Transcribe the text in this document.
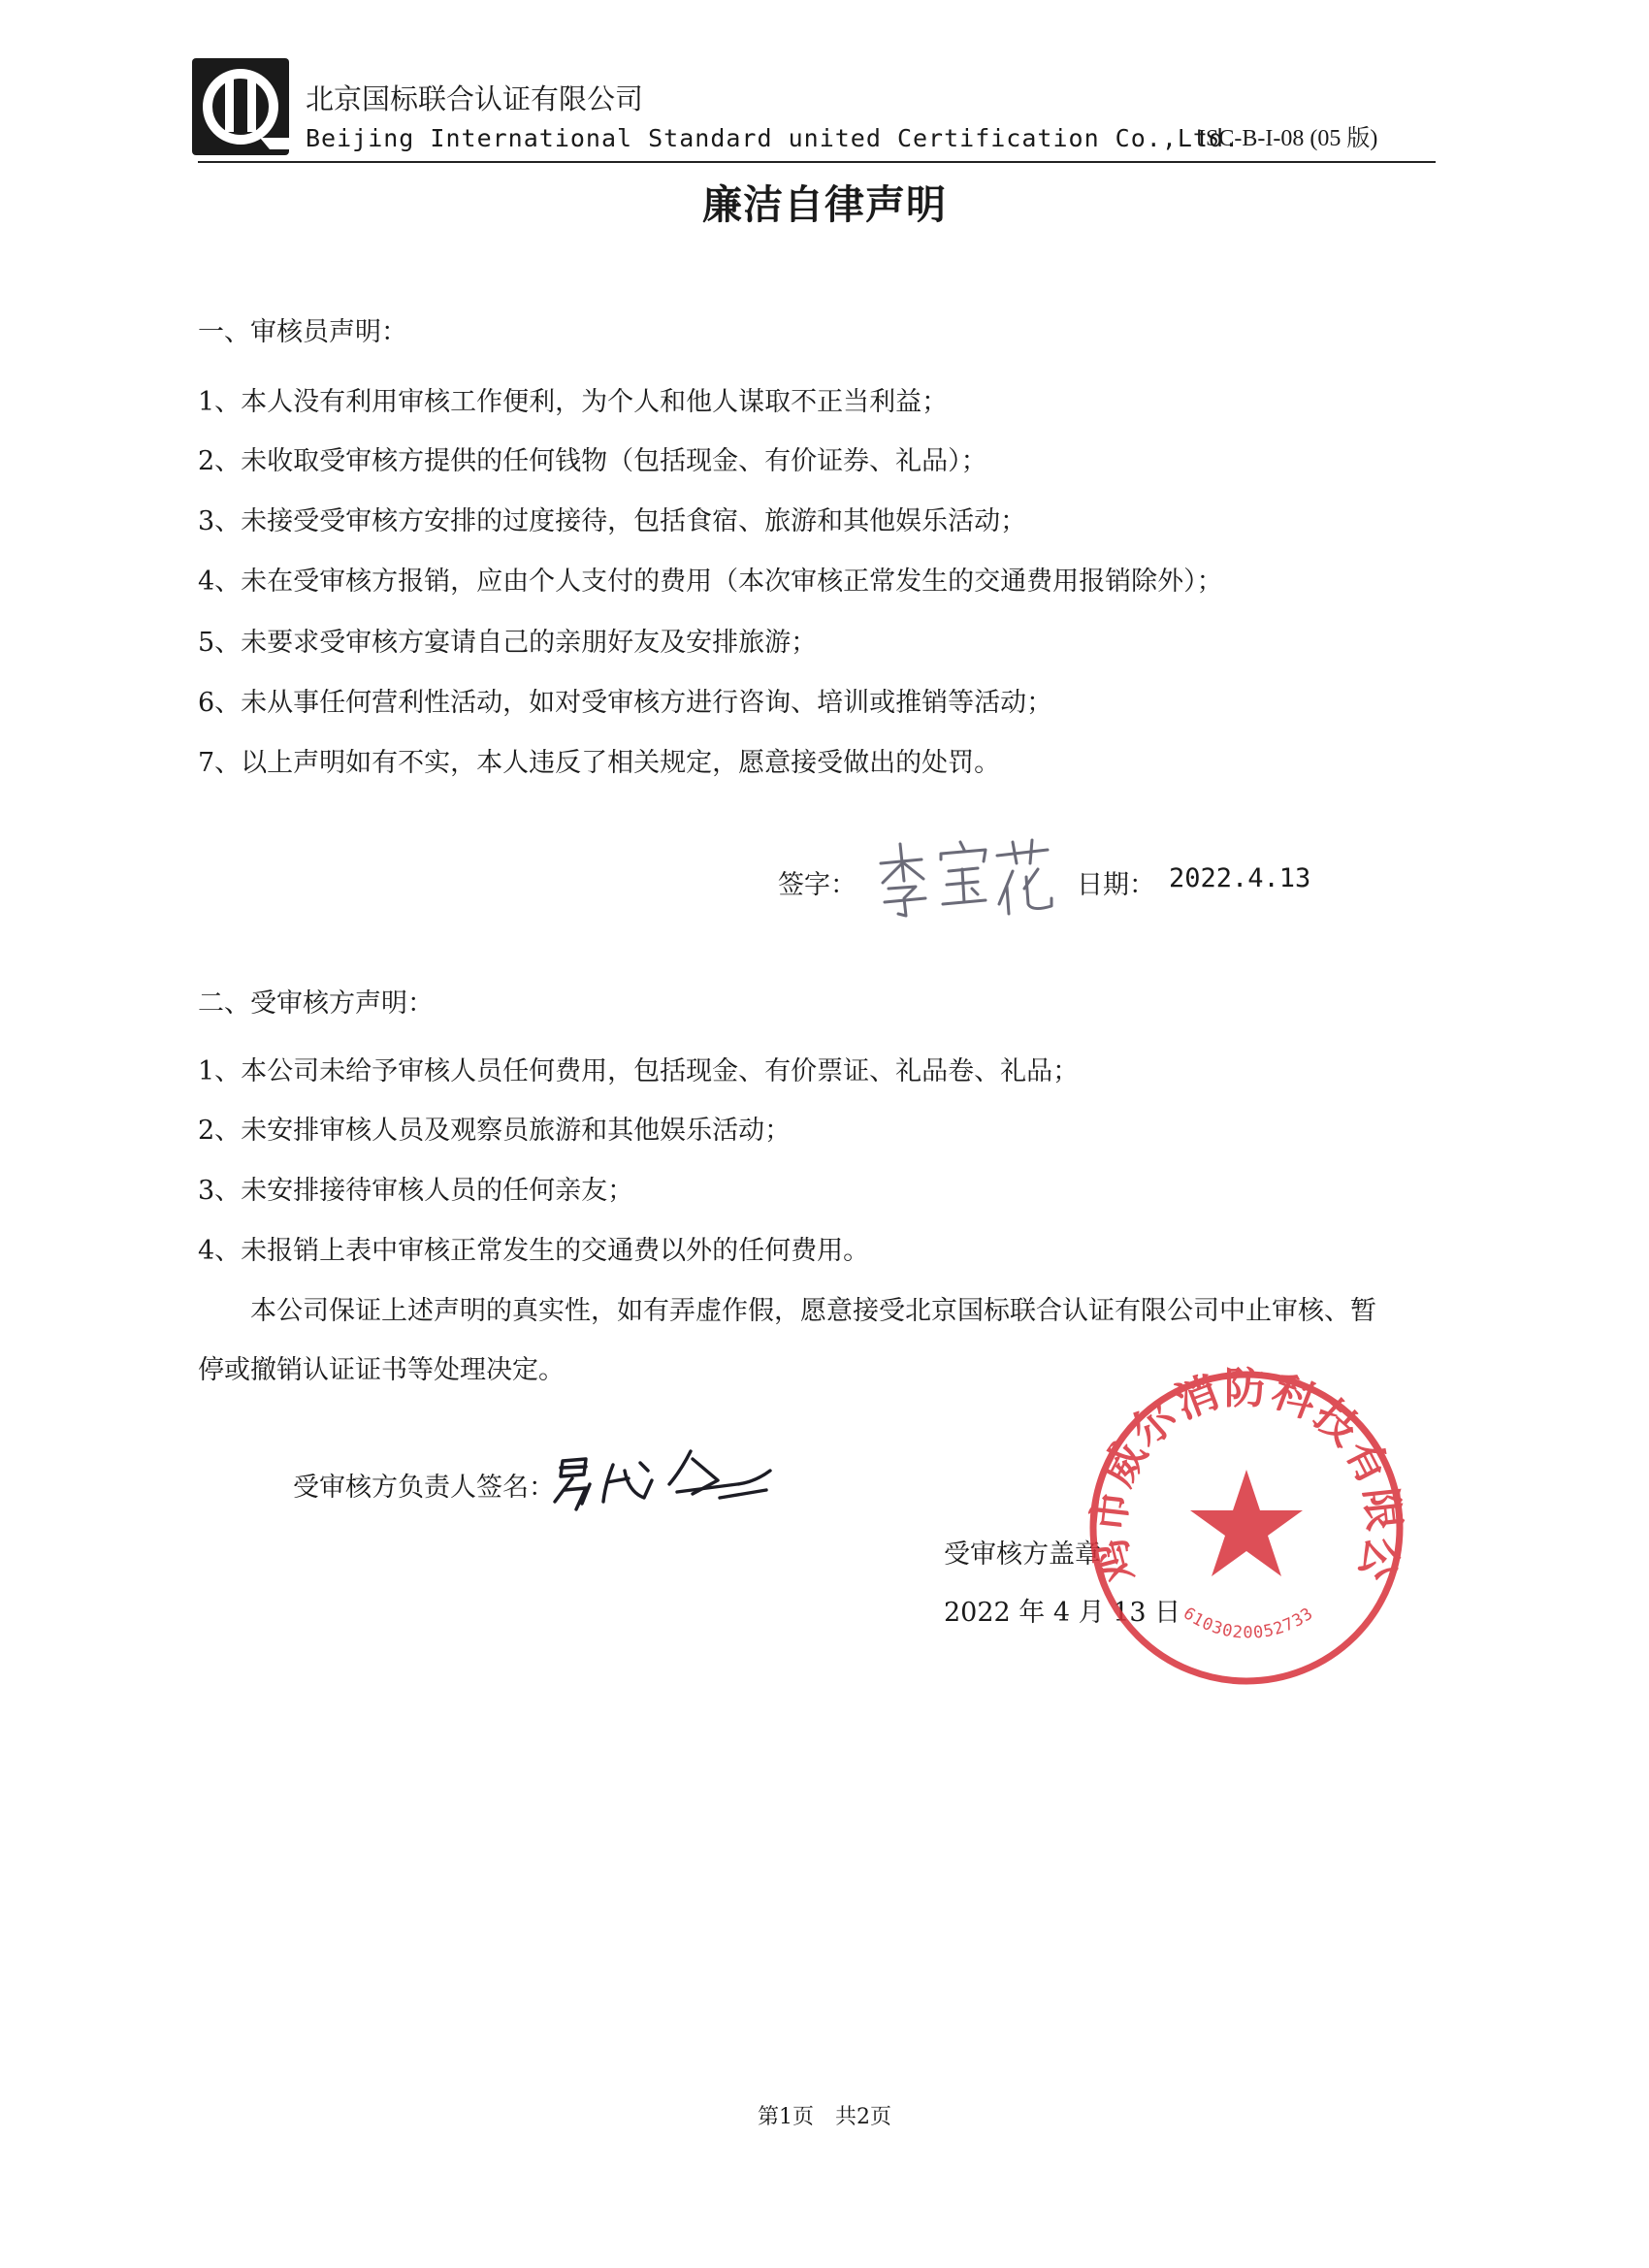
北京国标联合认证有限公司
Beijing International Standard united Certification Co.,Ltd.
ISC-B-I-08 (05 版)
廉洁自律声明
一、审核员声明：
1、本人没有利用审核工作便利，为个人和他人谋取不正当利益；
2、未收取受审核方提供的任何钱物（包括现金、有价证券、礼品）；
3、未接受受审核方安排的过度接待，包括食宿、旅游和其他娱乐活动；
4、未在受审核方报销，应由个人支付的费用（本次审核正常发生的交通费用报销除外）；
5、未要求受审核方宴请自己的亲朋好友及安排旅游；
6、未从事任何营利性活动，如对受审核方进行咨询、培训或推销等活动；
7、以上声明如有不实，本人违反了相关规定，愿意接受做出的处罚。
签字：	日期： 2022.4.13
二、受审核方声明：
1、本公司未给予审核人员任何费用，包括现金、有价票证、礼品卷、礼品；
2、未安排审核人员及观察员旅游和其他娱乐活动；
3、未安排接待审核人员的任何亲友；
4、未报销上表中审核正常发生的交通费以外的任何费用。
本公司保证上述声明的真实性，如有弄虚作假，愿意接受北京国标联合认证有限公司中止审核、暂
停或撤销认证证书等处理决定。
受审核方负责人签名：
受审核方盖章
2022 年 4 月 13 日
鸡市威尔消防科技有限公
6103020052733
第1页　共2页
